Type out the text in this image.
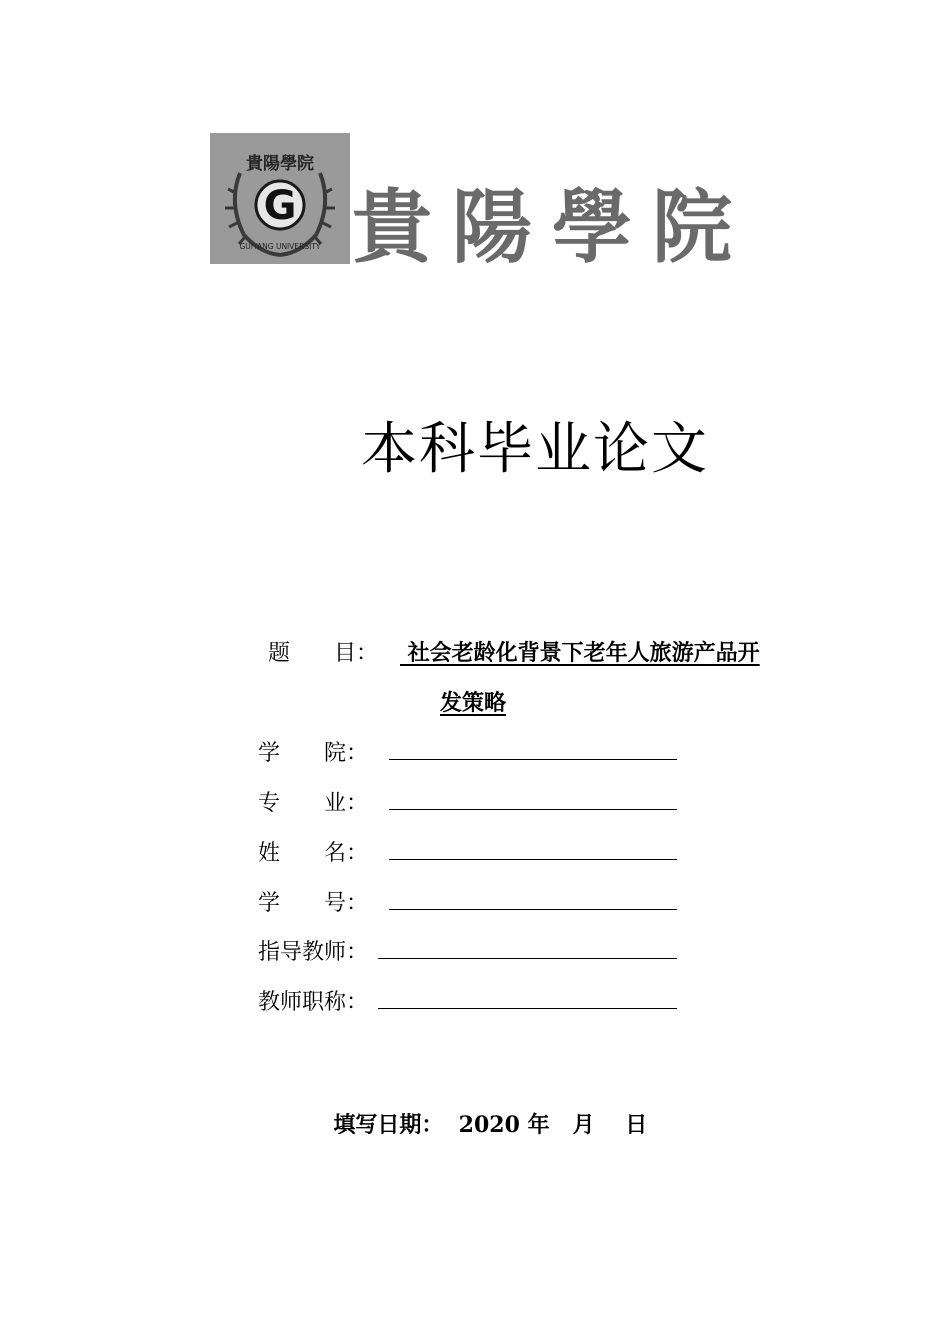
貴陽學院
GUIYANG UNIVERSITY
G 貴 陽 學 院
本科毕业论文
题　　目： 社会老龄化背景下老年人旅游产品开
发策略
学　　院：
专　　业：
姓　　名：
学　　号：
指导教师：
教师职称：

填写日期： 2020 年 月 日
